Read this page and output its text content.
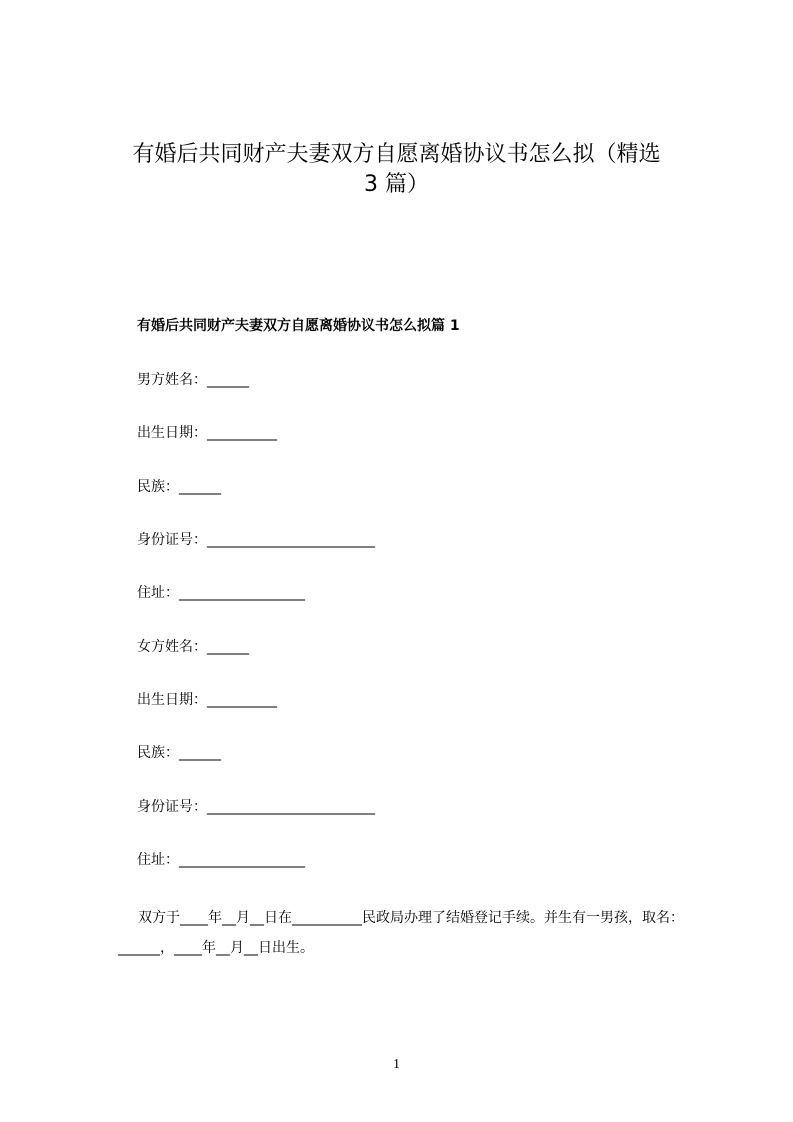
有婚后共同财产夫妻双方自愿离婚协议书怎么拟（精选
3 篇）
有婚后共同财产夫妻双方自愿离婚协议书怎么拟篇 1
男方姓名：______
出生日期：__________
民族：______
身份证号：________________________
住址：__________________
女方姓名：______
出生日期：__________
民族：______
身份证号：________________________
住址：__________________

双方于____年__月__日在__________民政局办理了结婚登记手续。并生有一男孩，取名：______，____年__月__日出生。

1
